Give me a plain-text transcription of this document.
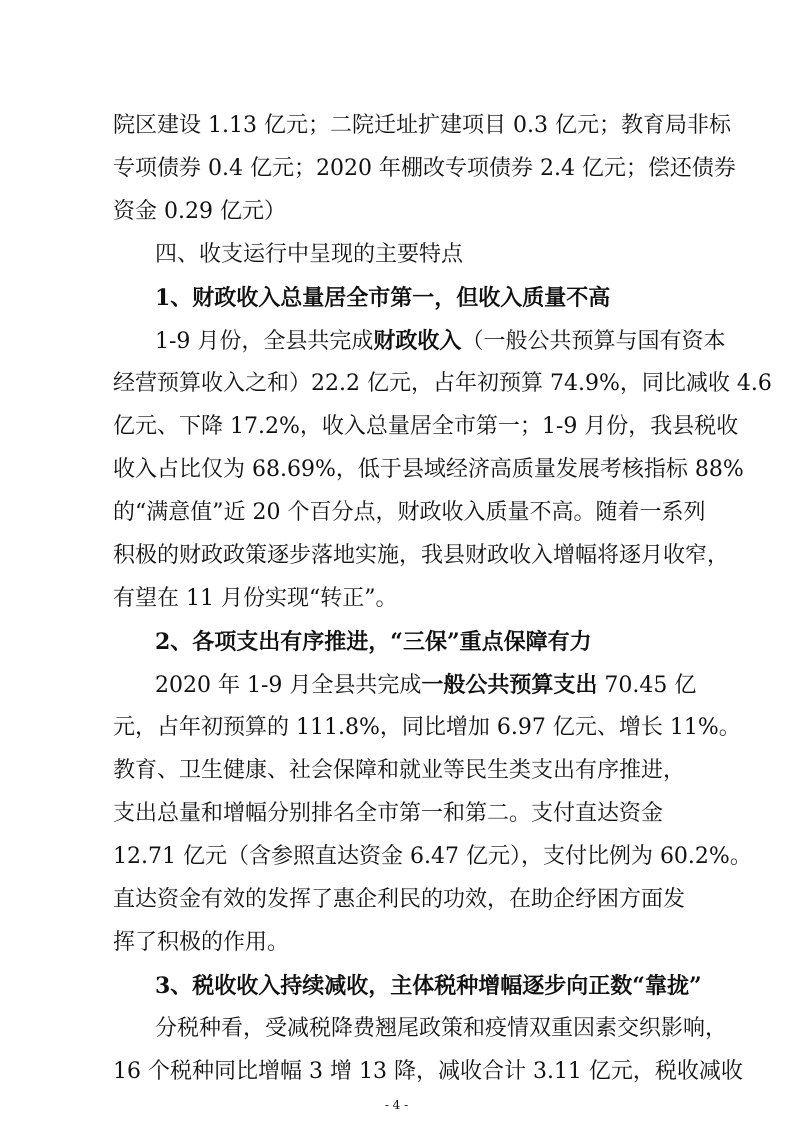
院区建设 1.13 亿元；二院迁址扩建项目 0.3 亿元；教育局非标
专项债券 0.4 亿元；2020 年棚改专项债券 2.4 亿元；偿还债券
资金 0.29 亿元）
四、收支运行中呈现的主要特点
1、财政收入总量居全市第一，但收入质量不高
1-9 月份，全县共完成财政收入（一般公共预算与国有资本
经营预算收入之和）22.2 亿元，占年初预算 74.9%，同比减收 4.6
亿元、下降 17.2%，收入总量居全市第一；1-9 月份，我县税收
收入占比仅为 68.69%，低于县域经济高质量发展考核指标 88%
的“满意值”近 20 个百分点，财政收入质量不高。随着一系列
积极的财政政策逐步落地实施，我县财政收入增幅将逐月收窄，
有望在 11 月份实现“转正”。
2、各项支出有序推进，“三保”重点保障有力
2020 年 1-9 月全县共完成一般公共预算支出 70.45 亿
元，占年初预算的 111.8%，同比增加 6.97 亿元、增长 11%。
教育、卫生健康、社会保障和就业等民生类支出有序推进，
支出总量和增幅分别排名全市第一和第二。支付直达资金
12.71 亿元（含参照直达资金 6.47 亿元），支付比例为 60.2%。
直达资金有效的发挥了惠企利民的功效，在助企纾困方面发
挥了积极的作用。
3、税收收入持续减收，主体税种增幅逐步向正数“靠拢”
分税种看，受减税降费翘尾政策和疫情双重因素交织影响，
16 个税种同比增幅 3 增 13 降，减收合计 3.11 亿元，税收减收
- 4 -
